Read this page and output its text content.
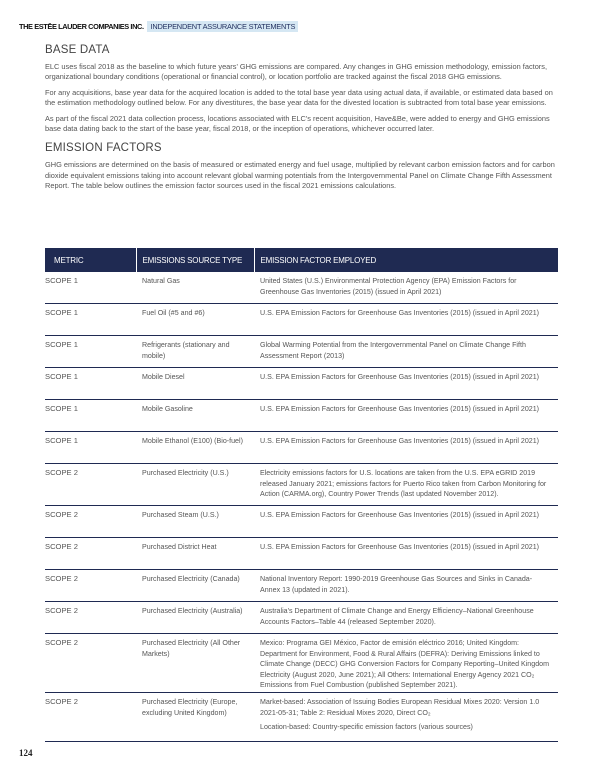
THE ESTĒE LAUDER COMPANIES INC. INDEPENDENT ASSURANCE STATEMENTS
BASE DATA

ELC uses fiscal 2018 as the baseline to which future years' GHG emissions are compared. Any changes in GHG emission methodology, emission factors, organizational boundary conditions (operational or financial control), or location portfolio are tracked against the fiscal 2018 GHG emissions.

For any acquisitions, base year data for the acquired location is added to the total base year data using actual data, if available, or estimated data based on the estimation methodology outlined below. For any divestitures, the base year data for the divested location is subtracted from total base year emissions.

As part of the fiscal 2021 data collection process, locations associated with ELC's recent acquisition, Have&Be, were added to energy and GHG emissions base data dating back to the start of the base year, fiscal 2018, or the inception of operations, whichever occurred later.

EMISSION FACTORS

GHG emissions are determined on the basis of measured or estimated energy and fuel usage, multiplied by relevant carbon emission factors and for carbon dioxide equivalent emissions taking into account relevant global warming potentials from the Intergovernmental Panel on Climate Change Fifth Assessment Report. The table below outlines the emission factor sources used in the fiscal 2021 emissions calculations.

METRIC	EMISSIONS SOURCE TYPE	EMISSION FACTOR EMPLOYED
SCOPE 1	Natural Gas	United States (U.S.) Environmental Protection Agency (EPA) Emission Factors for Greenhouse Gas Inventories (2015) (issued in April 2021)
SCOPE 1	Fuel Oil (#5 and #6)	U.S. EPA Emission Factors for Greenhouse Gas Inventories (2015) (issued in April 2021)
SCOPE 1	Refrigerants (stationary and mobile)	Global Warming Potential from the Intergovernmental Panel on Climate Change Fifth Assessment Report (2013)
SCOPE 1	Mobile Diesel	U.S. EPA Emission Factors for Greenhouse Gas Inventories (2015) (issued in April 2021)
SCOPE 1	Mobile Gasoline	U.S. EPA Emission Factors for Greenhouse Gas Inventories (2015) (issued in April 2021)
SCOPE 1	Mobile Ethanol (E100) (Bio-fuel)	U.S. EPA Emission Factors for Greenhouse Gas Inventories (2015) (issued in April 2021)
SCOPE 2	Purchased Electricity (U.S.)	Electricity emissions factors for U.S. locations are taken from the U.S. EPA eGRID 2019 released January 2021; emissions factors for Puerto Rico taken from Carbon Monitoring for Action (CARMA.org), Country Power Trends (last updated November 2012).
SCOPE 2	Purchased Steam (U.S.)	U.S. EPA Emission Factors for Greenhouse Gas Inventories (2015) (issued in April 2021)
SCOPE 2	Purchased District Heat	U.S. EPA Emission Factors for Greenhouse Gas Inventories (2015) (issued in April 2021)
SCOPE 2	Purchased Electricity (Canada)	National Inventory Report: 1990-2019 Greenhouse Gas Sources and Sinks in Canada-Annex 13 (updated in 2021).
SCOPE 2	Purchased Electricity (Australia)	Australia's Department of Climate Change and Energy Efficiency–National Greenhouse Accounts Factors–Table 44 (released September 2020).
SCOPE 2	Purchased Electricity (All Other Markets)	Mexico: Programa GEI México, Factor de emisión eléctrico 2016; United Kingdom: Department for Environment, Food & Rural Affairs (DEFRA): Deriving Emissions linked to Climate Change (DECC) GHG Conversion Factors for Company Reporting–United Kingdom Electricity (August 2020, June 2021); All Others: International Energy Agency 2021 CO₂ Emissions from Fuel Combustion (published September 2021).
SCOPE 2	Purchased Electricity (Europe, excluding United Kingdom)	Market-based: Association of Issuing Bodies European Residual Mixes 2020: Version 1.0 2021-05-31; Table 2: Residual Mixes 2020, Direct CO₂
Location-based: Country-specific emission factors (various sources)
124
